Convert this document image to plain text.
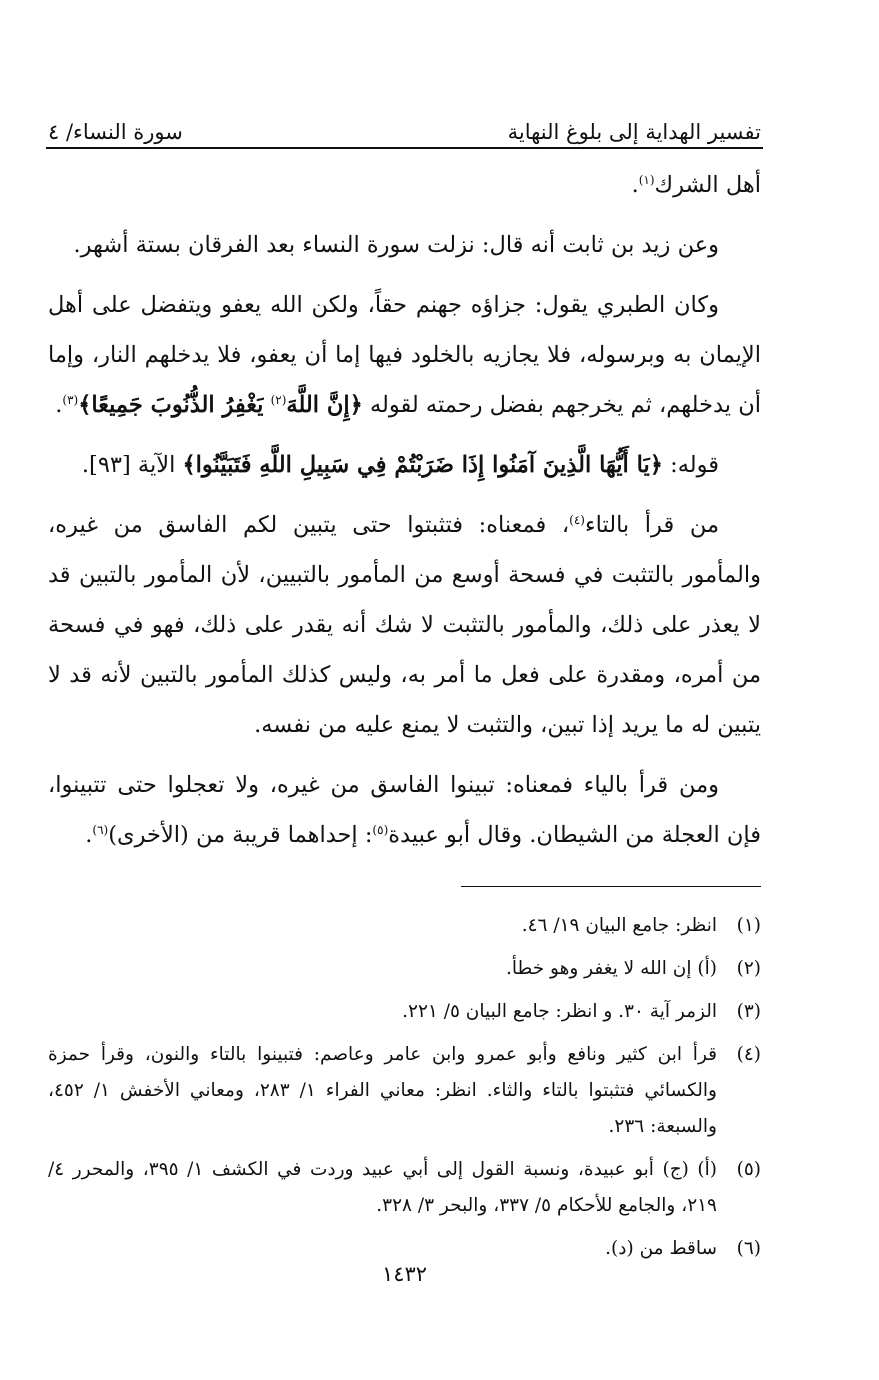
تفسير الهداية إلى بلوغ النهاية
سورة النساء/ ٤

أهل الشرك$^{(١)}$.

وعن زيد بن ثابت أنه قال: نزلت سورة النساء بعد الفرقان بستة أشهر.

وكان الطبري يقول: جزاؤه جهنم حقاً، ولكن الله يعفو ويتفضل على أهل الإيمان به وبرسوله، فلا يجازيه بالخلود فيها إما أن يعفو، فلا يدخلهم النار، وإما أن يدخلهم، ثم يخرجهم بفضل رحمته لقوله ﴿إِنَّ اللَّهَ$^{(٢)}$ يَغْفِرُ الذُّنُوبَ جَمِيعًا﴾$^{(٣)}$.

قوله: ﴿يَا أَيُّهَا الَّذِينَ آمَنُوا إِذَا ضَرَبْتُمْ فِي سَبِيلِ اللَّهِ فَتَبَيَّنُوا﴾ الآية [٩٣].

من قرأ بالتاء$^{(٤)}$، فمعناه: فتثبتوا حتى يتبين لكم الفاسق من غيره، والمأمور بالتثبت في فسحة أوسع من المأمور بالتبيين، لأن المأمور بالتبين قد لا يعذر على ذلك، والمأمور بالتثبت لا شك أنه يقدر على ذلك، فهو في فسحة من أمره، ومقدرة على فعل ما أمر به، وليس كذلك المأمور بالتبين لأنه قد لا يتبين له ما يريد إذا تبين، والتثبت لا يمنع عليه من نفسه.

ومن قرأ بالياء فمعناه: تبينوا الفاسق من غيره، ولا تعجلوا حتى تتبينوا، فإن العجلة من الشيطان. وقال أبو عبيدة$^{(٥)}$: إحداهما قريبة من (الأخرى)$^{(٦)}$.

(١)
انظر: جامع البيان ١٩/ ٤٦.
(٢)
(أ) إن الله لا يغفر وهو خطأ.
(٣)
الزمر آية ٣٠. و انظر: جامع البيان ٥/ ٢٢١.
(٤)
قرأ ابن كثير ونافع وأبو عمرو وابن عامر وعاصم: فتبينوا بالتاء والنون، وقرأ حمزة والكسائي فتثبتوا بالتاء والثاء. انظر: معاني الفراء ١/ ٢٨٣، ومعاني الأخفش ١/ ٤٥٢، والسبعة: ٢٣٦.
(٥)
(أ) (ج) أبو عبيدة، ونسبة القول إلى أبي عبيد وردت في الكشف ١/ ٣٩٥، والمحرر ٤/ ٢١٩، والجامع للأحكام ٥/ ٣٣٧، والبحر ٣/ ٣٢٨.
(٦)
ساقط من (د).
١٤٣٢
